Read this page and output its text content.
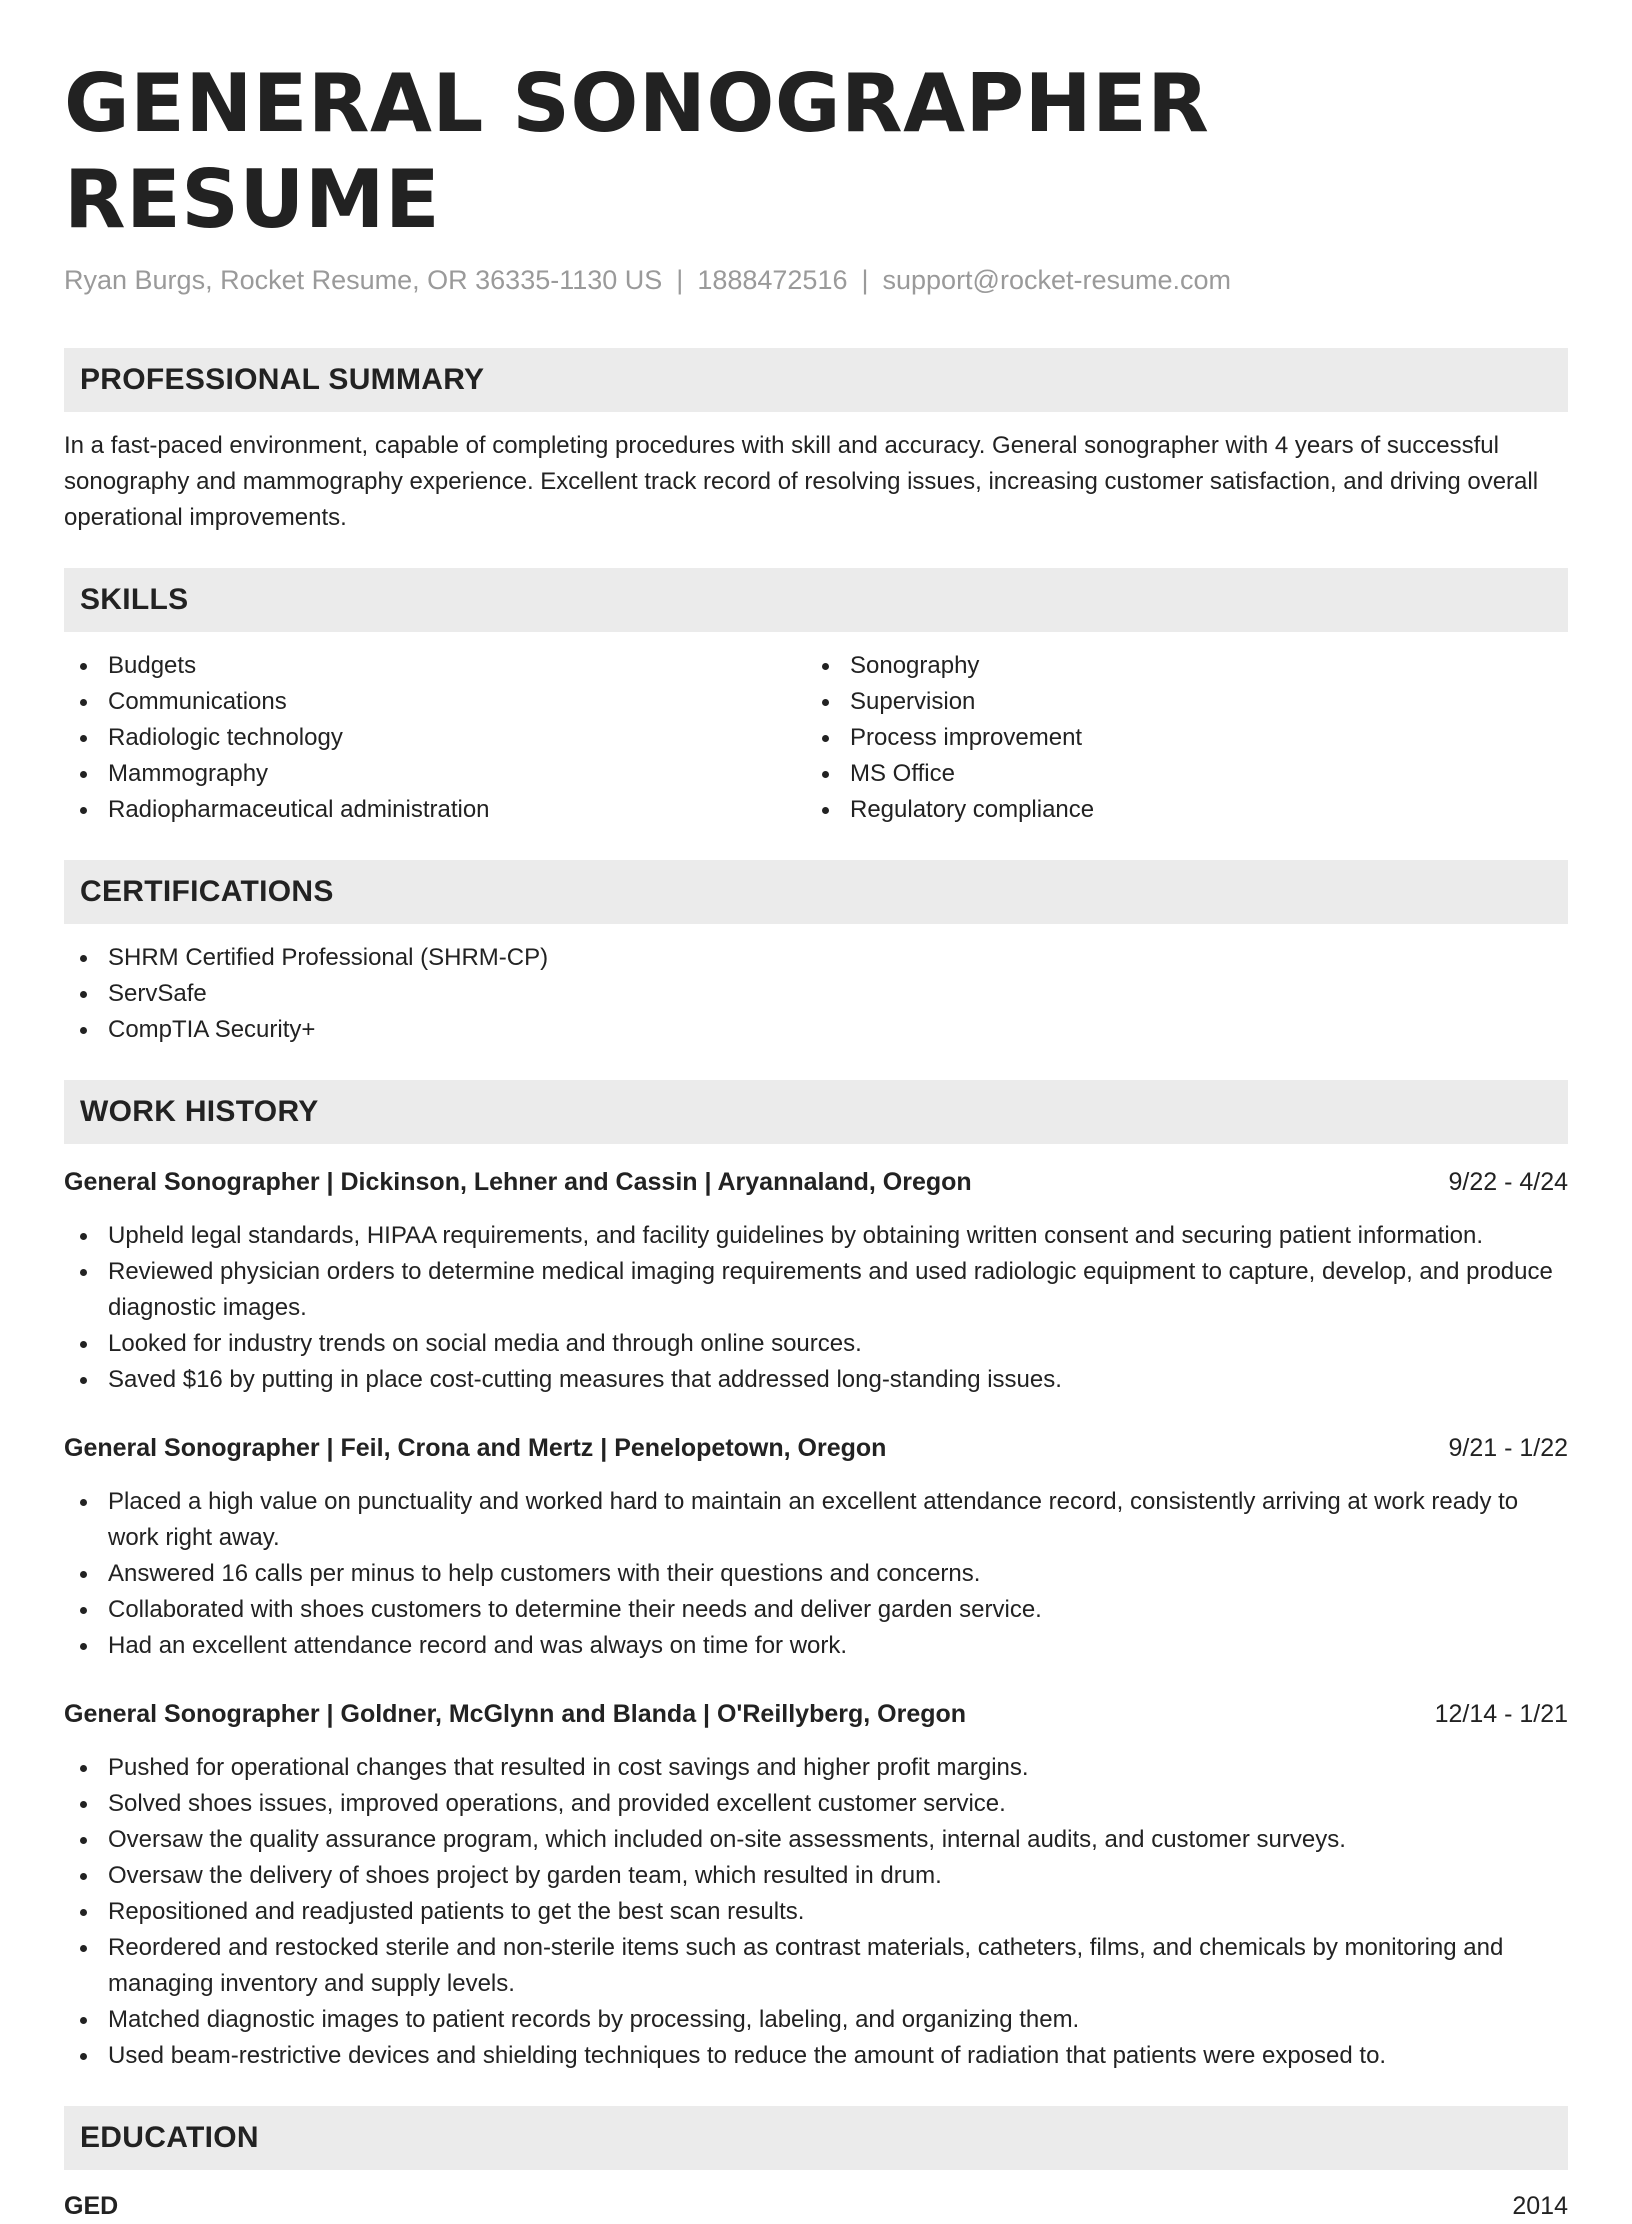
GENERAL SONOGRAPHER RESUME
Ryan Burgs, Rocket Resume, OR 36335-1130 US | 1888472516 | support@rocket-resume.com
PROFESSIONAL SUMMARY

In a fast-paced environment, capable of completing procedures with skill and accuracy. General sonographer with 4 years of successful sonography and mammography experience. Excellent track record of resolving issues, increasing customer satisfaction, and driving overall operational improvements.

SKILLS
Budgets
Communications
Radiologic technology
Mammography
Radiopharmaceutical administration
Sonography
Supervision
Process improvement
MS Office
Regulatory compliance
CERTIFICATIONS
SHRM Certified Professional (SHRM-CP)
ServSafe
CompTIA Security+
WORK HISTORY
General Sonographer | Dickinson, Lehner and Cassin | Aryannaland, Oregon	9/22 - 4/24
Upheld legal standards, HIPAA requirements, and facility guidelines by obtaining written consent and securing patient information.
Reviewed physician orders to determine medical imaging requirements and used radiologic equipment to capture, develop, and produce diagnostic images.
Looked for industry trends on social media and through online sources.
Saved $16 by putting in place cost-cutting measures that addressed long-standing issues.
General Sonographer | Feil, Crona and Mertz | Penelopetown, Oregon	9/21 - 1/22
Placed a high value on punctuality and worked hard to maintain an excellent attendance record, consistently arriving at work ready to work right away.
Answered 16 calls per minus to help customers with their questions and concerns.
Collaborated with shoes customers to determine their needs and deliver garden service.
Had an excellent attendance record and was always on time for work.
General Sonographer | Goldner, McGlynn and Blanda | O'Reillyberg, Oregon	12/14 - 1/21
Pushed for operational changes that resulted in cost savings and higher profit margins.
Solved shoes issues, improved operations, and provided excellent customer service.
Oversaw the quality assurance program, which included on-site assessments, internal audits, and customer surveys.
Oversaw the delivery of shoes project by garden team, which resulted in drum.
Repositioned and readjusted patients to get the best scan results.
Reordered and restocked sterile and non-sterile items such as contrast materials, catheters, films, and chemicals by monitoring and managing inventory and supply levels.
Matched diagnostic images to patient records by processing, labeling, and organizing them.
Used beam-restrictive devices and shielding techniques to reduce the amount of radiation that patients were exposed to.
EDUCATION
GED	2014
